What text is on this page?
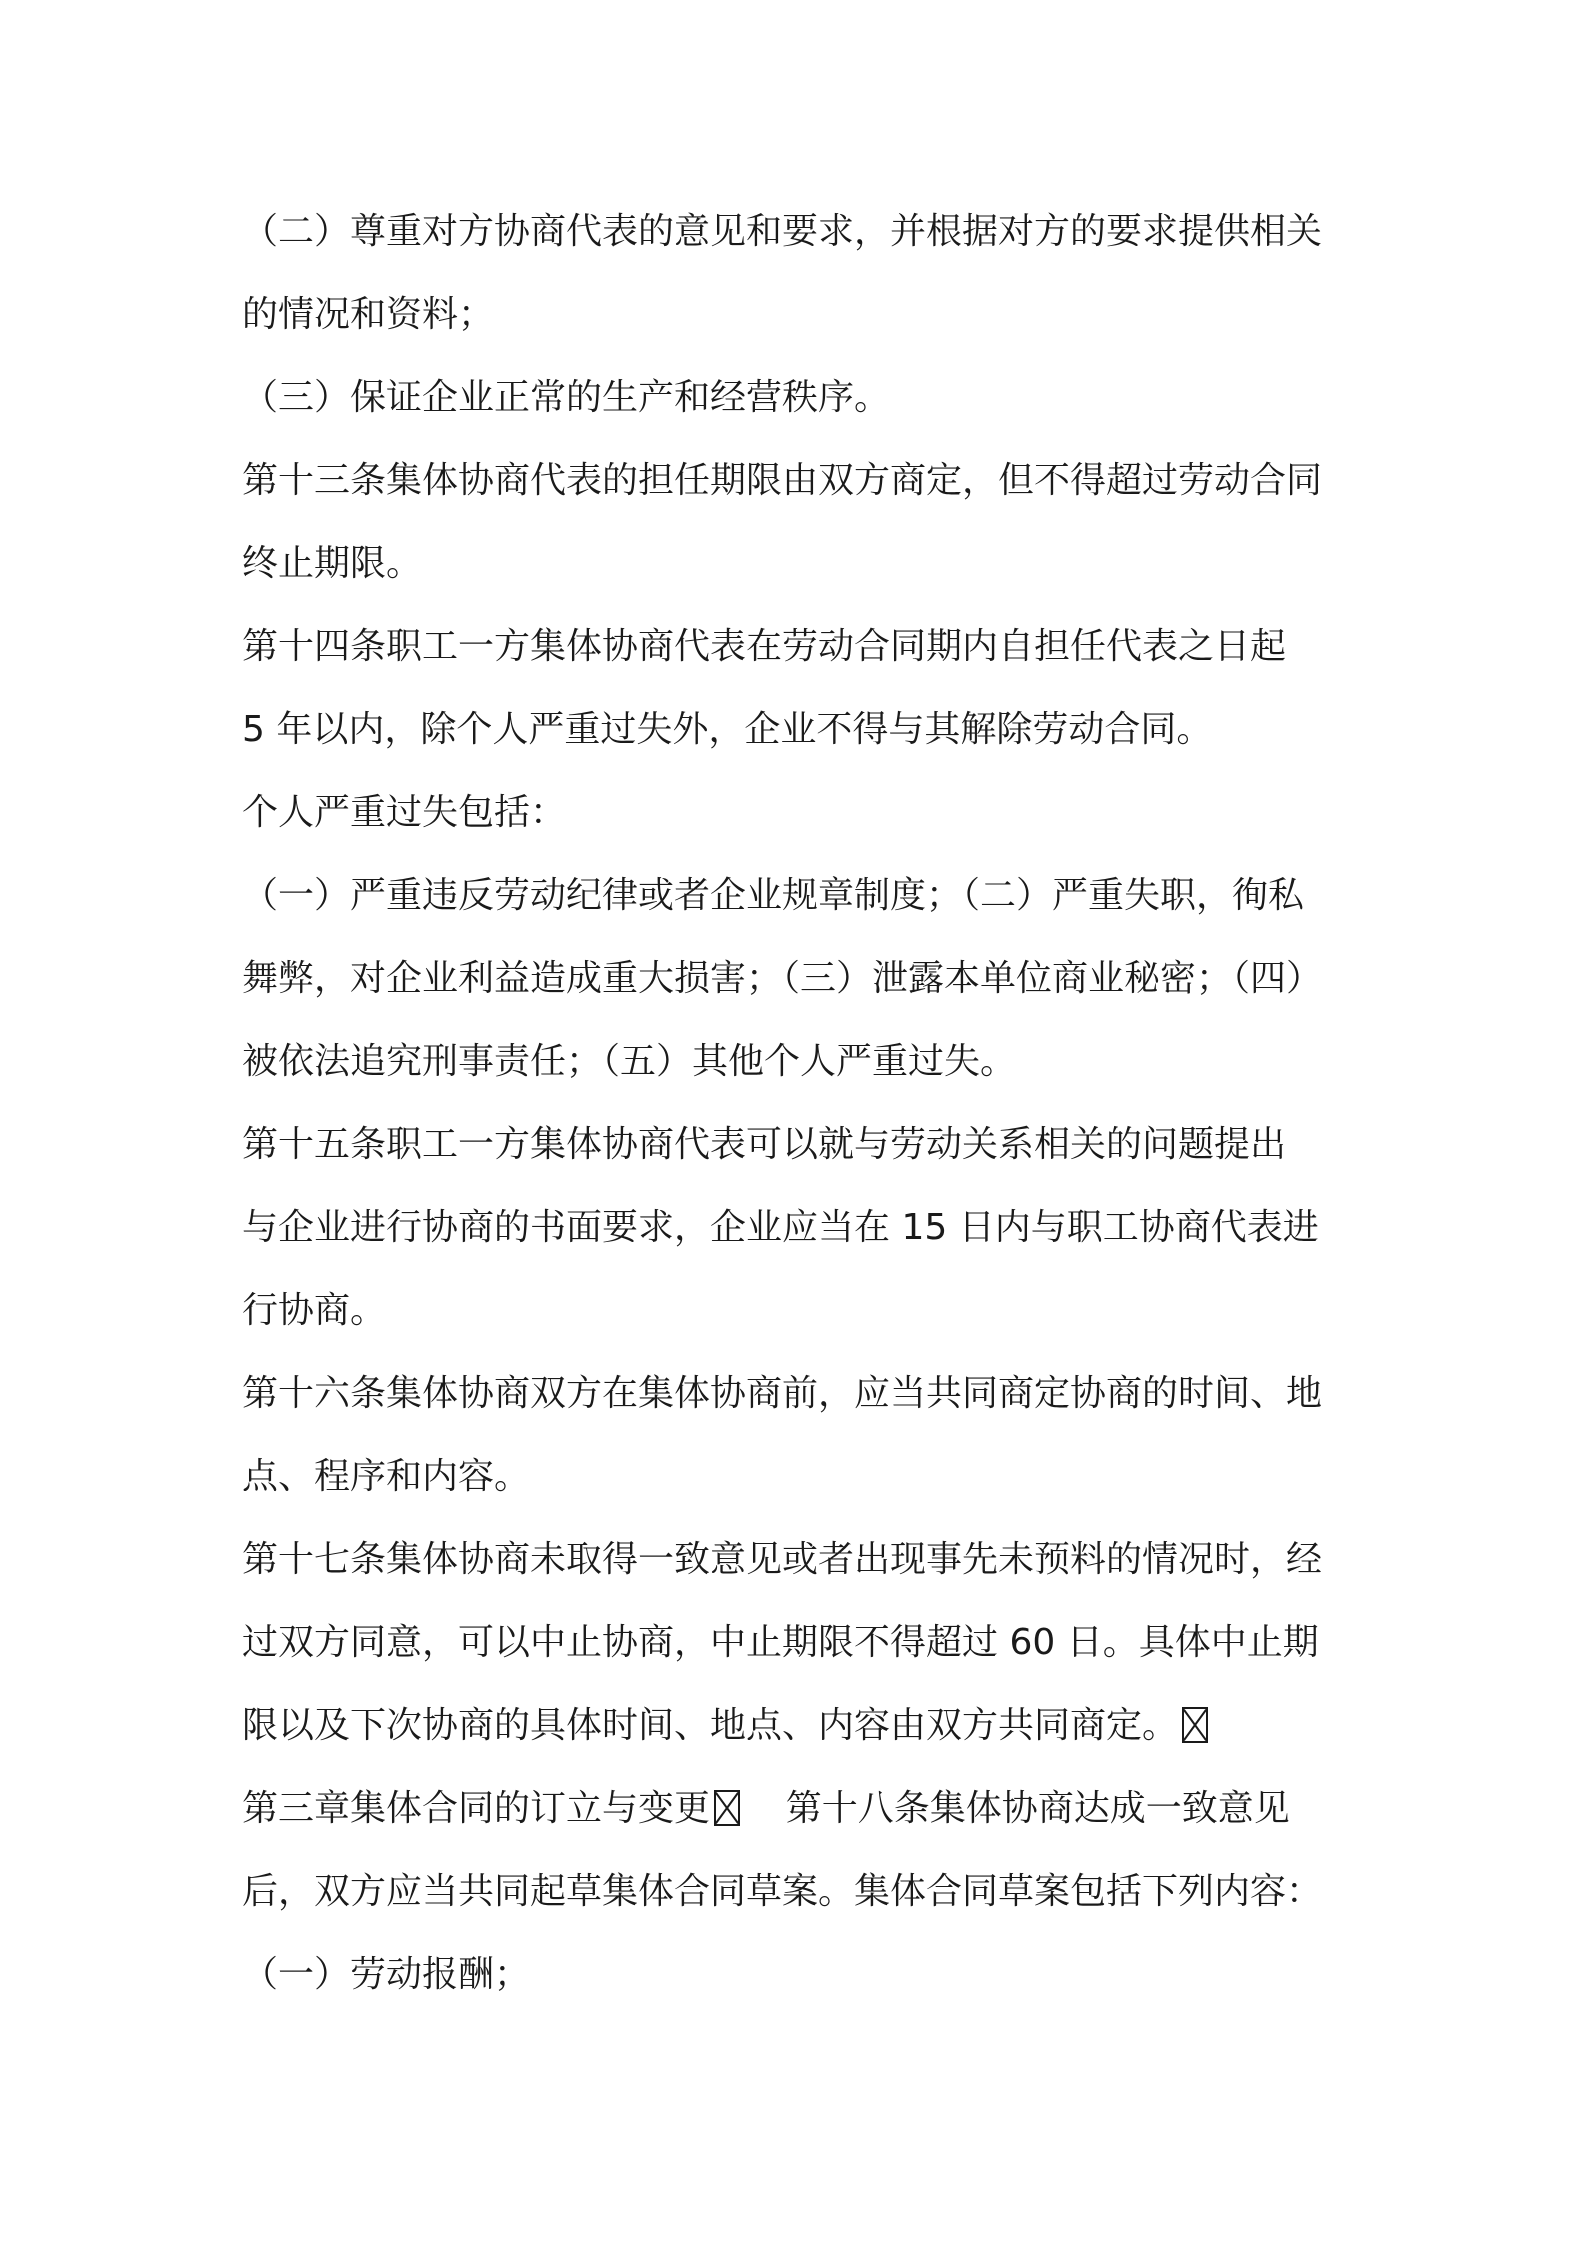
（二）尊重对方协商代表的意见和要求，并根据对方的要求提供相关
的情况和资料；
（三）保证企业正常的生产和经营秩序。
第十三条集体协商代表的担任期限由双方商定，但不得超过劳动合同
终止期限。
第十四条职工一方集体协商代表在劳动合同期内自担任代表之日起
5 年以内，除个人严重过失外，企业不得与其解除劳动合同。
个人严重过失包括：
（一）严重违反劳动纪律或者企业规章制度；（二）严重失职，徇私
舞弊，对企业利益造成重大损害；（三）泄露本单位商业秘密；（四）
被依法追究刑事责任；（五）其他个人严重过失。
第十五条职工一方集体协商代表可以就与劳动关系相关的问题提出
与企业进行协商的书面要求，企业应当在 15 日内与职工协商代表进
行协商。
第十六条集体协商双方在集体协商前，应当共同商定协商的时间、地
点、程序和内容。
第十七条集体协商未取得一致意见或者出现事先未预料的情况时，经
过双方同意，可以中止协商，中止期限不得超过 60 日。具体中止期
限以及下次协商的具体时间、地点、内容由双方共同商定。
第三章集体合同的订立与变更 第十八条集体协商达成一致意见
后，双方应当共同起草集体合同草案。集体合同草案包括下列内容：
（一）劳动报酬；
